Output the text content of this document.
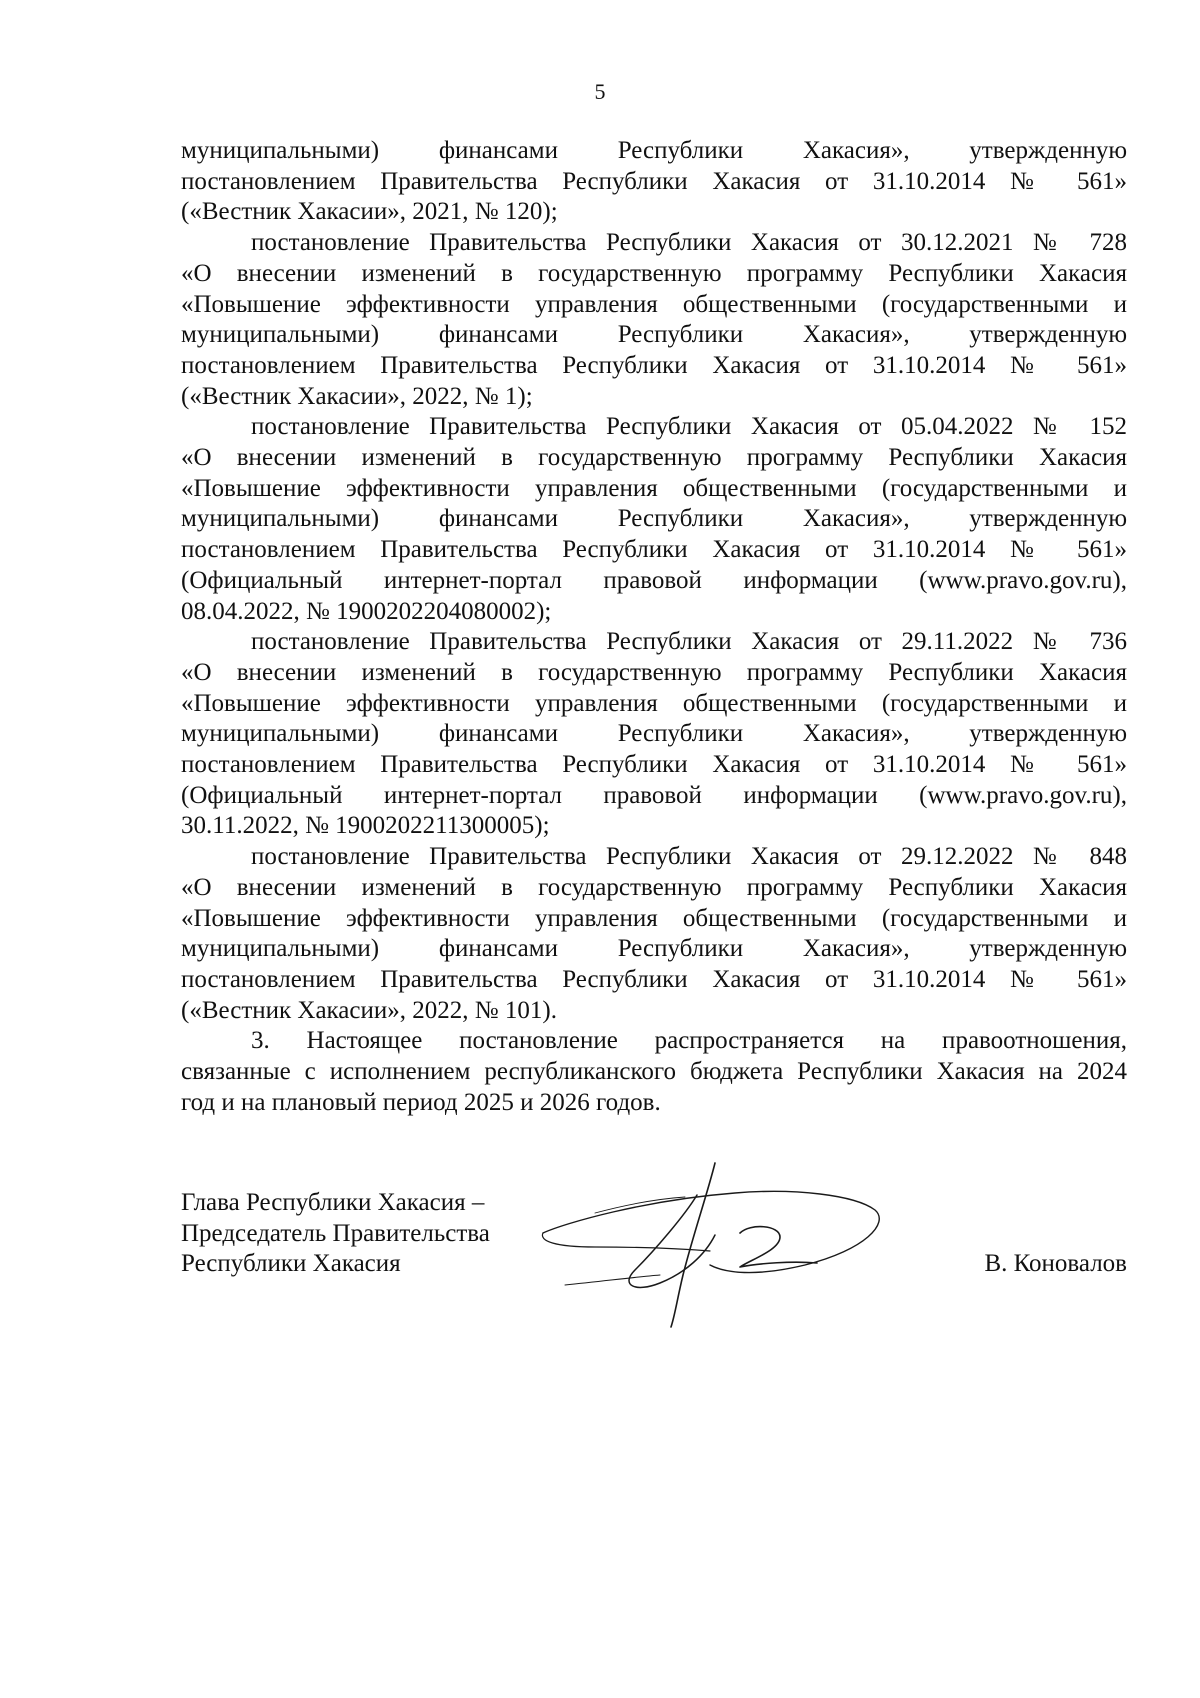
5

муниципальными) финансами Республики Хакасия», утвержденную
постановлением Правительства Республики Хакасия от 31.10.2014 № 561»
(«Вестник Хакасии», 2021, № 120);

постановление Правительства Республики Хакасия от 30.12.2021 № 728
«О внесении изменений в государственную программу Республики Хакасия
«Повышение эффективности управления общественными (государственными и
муниципальными) финансами Республики Хакасия», утвержденную
постановлением Правительства Республики Хакасия от 31.10.2014 № 561»
(«Вестник Хакасии», 2022, № 1);

постановление Правительства Республики Хакасия от 05.04.2022 № 152
«О внесении изменений в государственную программу Республики Хакасия
«Повышение эффективности управления общественными (государственными и
муниципальными) финансами Республики Хакасия», утвержденную
постановлением Правительства Республики Хакасия от 31.10.2014 № 561»
(Официальный интернет-портал правовой информации (www.pravo.gov.ru),
08.04.2022, № 1900202204080002);

постановление Правительства Республики Хакасия от 29.11.2022 № 736
«О внесении изменений в государственную программу Республики Хакасия
«Повышение эффективности управления общественными (государственными и
муниципальными) финансами Республики Хакасия», утвержденную
постановлением Правительства Республики Хакасия от 31.10.2014 № 561»
(Официальный интернет-портал правовой информации (www.pravo.gov.ru),
30.11.2022, № 1900202211300005);

постановление Правительства Республики Хакасия от 29.12.2022 № 848
«О внесении изменений в государственную программу Республики Хакасия
«Повышение эффективности управления общественными (государственными и
муниципальными) финансами Республики Хакасия», утвержденную
постановлением Правительства Республики Хакасия от 31.10.2014 № 561»
(«Вестник Хакасии», 2022, № 101).

3. Настоящее постановление распространяется на правоотношения,
связанные с исполнением республиканского бюджета Республики Хакасия на 2024
год и на плановый период 2025 и 2026 годов.

Глава Республики Хакасия –
Председатель Правительства
Республики Хакасия	В. Коновалов
